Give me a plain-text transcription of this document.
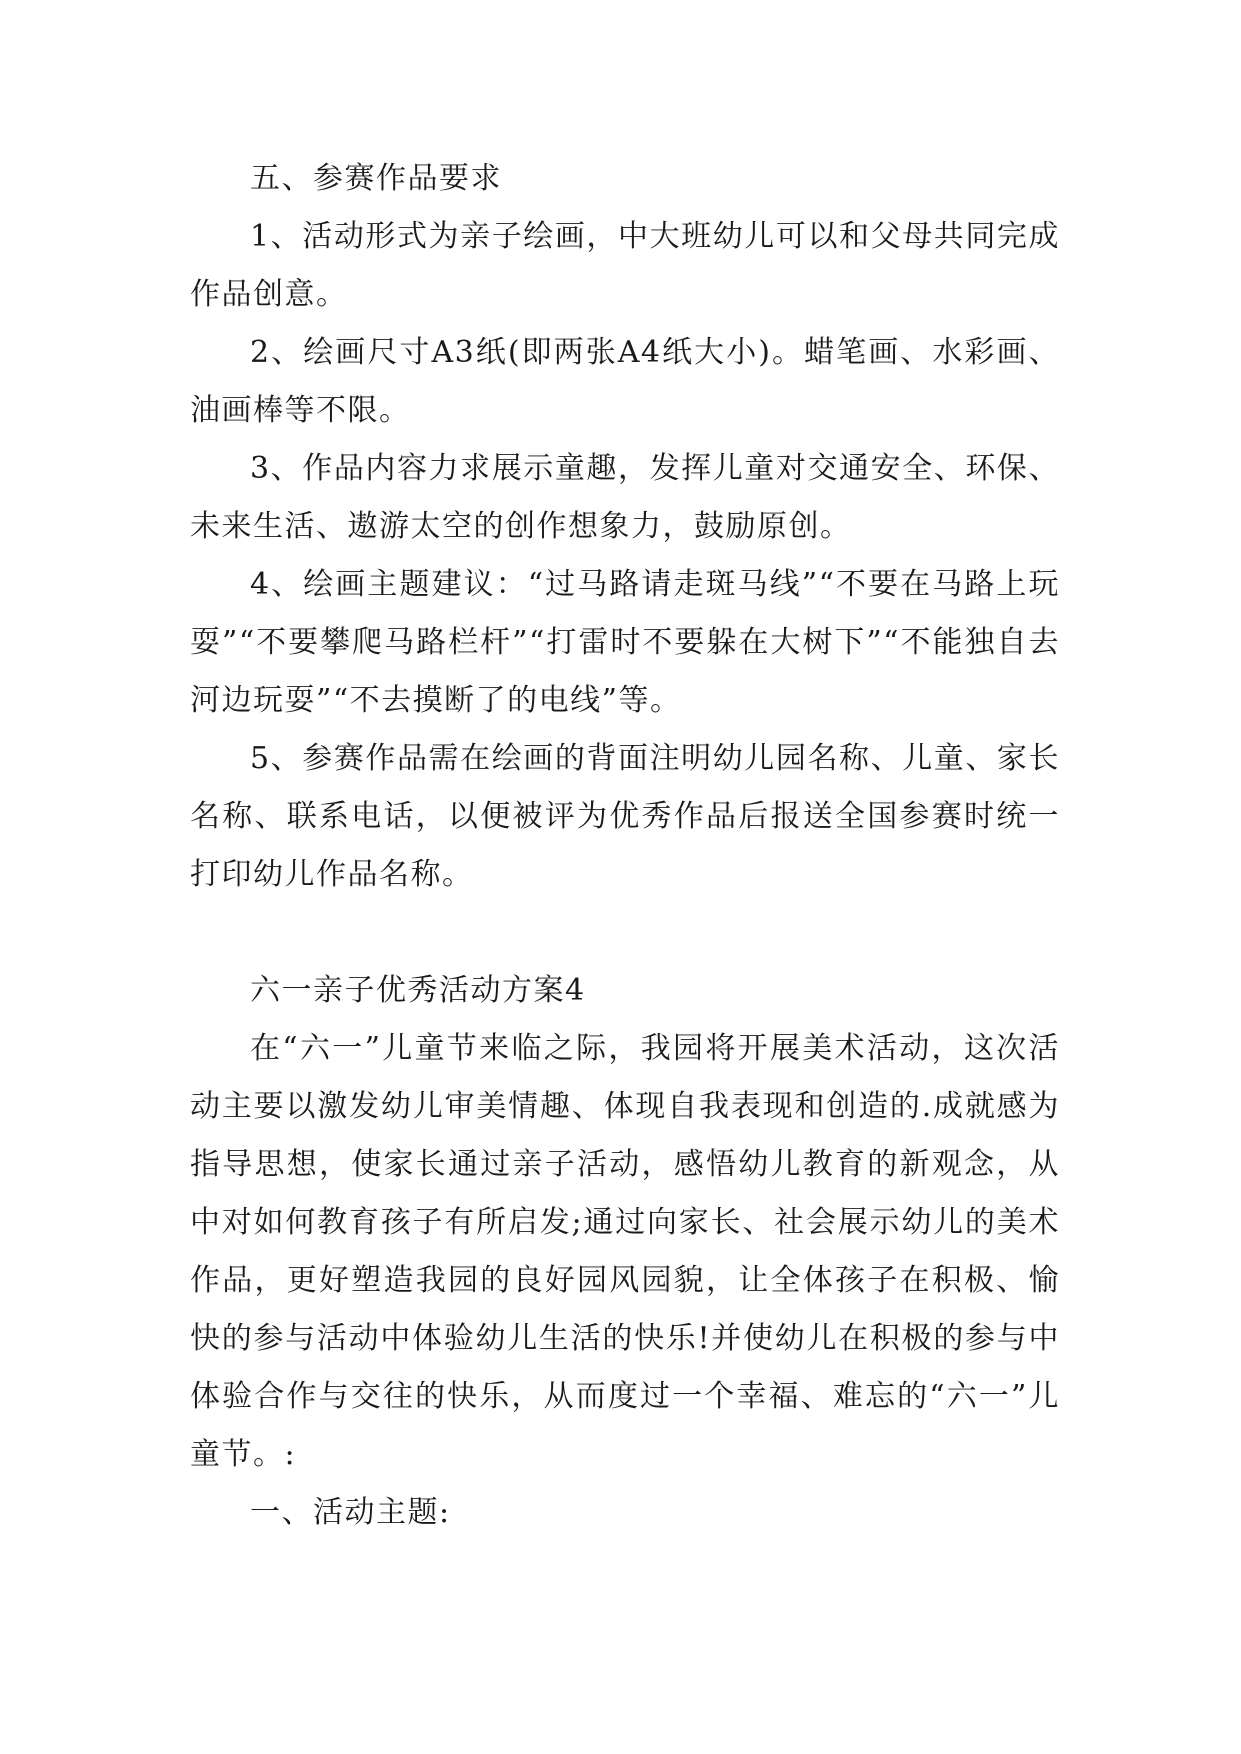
五、参赛作品要求

1、活动形式为亲子绘画，中大班幼儿可以和父母共同完成作品创意。

2、绘画尺寸A3纸(即两张A4纸大小)。蜡笔画、水彩画、油画棒等不限。

3、作品内容力求展示童趣，发挥儿童对交通安全、环保、未来生活、遨游太空的创作想象力，鼓励原创。

4、绘画主题建议：“过马路请走斑马线”“不要在马路上玩耍”“不要攀爬马路栏杆”“打雷时不要躲在大树下”“不能独自去河边玩耍”“不去摸断了的电线”等。

5、参赛作品需在绘画的背面注明幼儿园名称、儿童、家长名称、联系电话，以便被评为优秀作品后报送全国参赛时统一打印幼儿作品名称。

六一亲子优秀活动方案4

在“六一”儿童节来临之际，我园将开展美术活动，这次活动主要以激发幼儿审美情趣、体现自我表现和创造的.成就感为指导思想，使家长通过亲子活动，感悟幼儿教育的新观念，从中对如何教育孩子有所启发;通过向家长、社会展示幼儿的美术作品，更好塑造我园的良好园风园貌，让全体孩子在积极、愉快的参与活动中体验幼儿生活的快乐!并使幼儿在积极的参与中体验合作与交往的快乐，从而度过一个幸福、难忘的“六一”儿童节。:

一、活动主题:
